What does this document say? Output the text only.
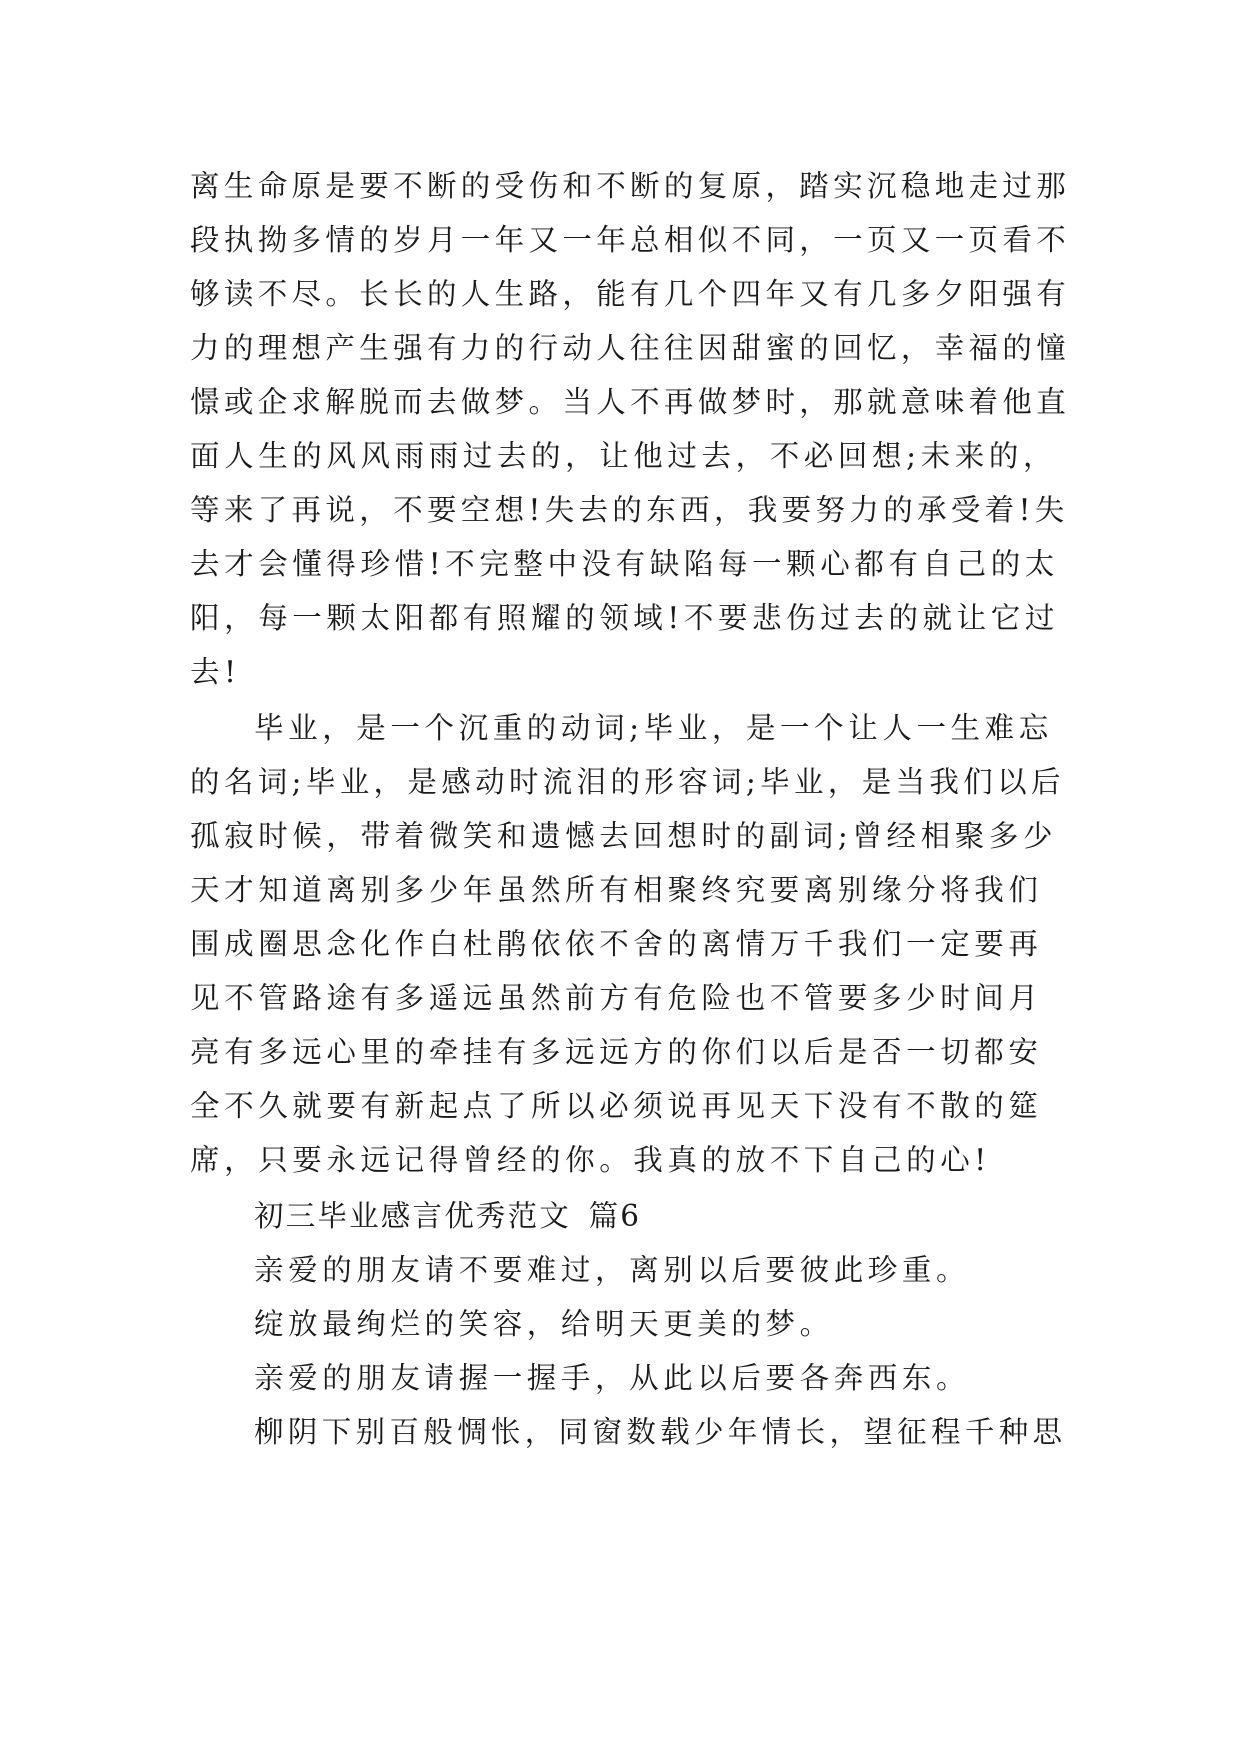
离生命原是要不断的受伤和不断的复原，踏实沉稳地走过那
段执拗多情的岁月一年又一年总相似不同，一页又一页看不
够读不尽。长长的人生路，能有几个四年又有几多夕阳强有
力的理想产生强有力的行动人往往因甜蜜的回忆，幸福的憧
憬或企求解脱而去做梦。当人不再做梦时，那就意味着他直
面人生的风风雨雨过去的，让他过去，不必回想;未来的，
等来了再说，不要空想!失去的东西，我要努力的承受着!失
去才会懂得珍惜!不完整中没有缺陷每一颗心都有自己的太
阳，每一颗太阳都有照耀的领域!不要悲伤过去的就让它过
去!
毕业，是一个沉重的动词;毕业，是一个让人一生难忘
的名词;毕业，是感动时流泪的形容词;毕业，是当我们以后
孤寂时候，带着微笑和遗憾去回想时的副词;曾经相聚多少
天才知道离别多少年虽然所有相聚终究要离别缘分将我们
围成圈思念化作白杜鹃依依不舍的离情万千我们一定要再
见不管路途有多遥远虽然前方有危险也不管要多少时间月
亮有多远心里的牵挂有多远远方的你们以后是否一切都安
全不久就要有新起点了所以必须说再见天下没有不散的筵
席，只要永远记得曾经的你。我真的放不下自己的心!
初三毕业感言优秀范文 篇6
亲爱的朋友请不要难过，离别以后要彼此珍重。
绽放最绚烂的笑容，给明天更美的梦。
亲爱的朋友请握一握手，从此以后要各奔西东。
柳阴下别百般惆怅，同窗数载少年情长，望征程千种思
